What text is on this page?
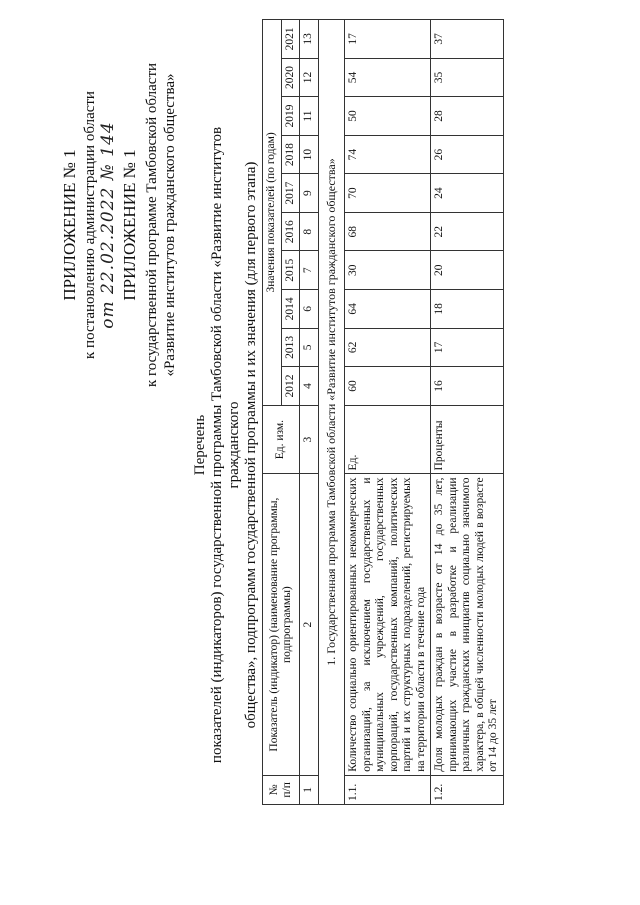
ПРИЛОЖЕНИЕ № 1 к постановлению администрации области от 22.02.2022 № 144 ПРИЛОЖЕНИЕ № 1 к государственной программе Тамбовской области «Развитие институтов гражданского общества»
Перечень показателей (индикаторов) государственной программы Тамбовской области «Развитие институтов гражданского общества», подпрограмм государственной программы и их значения (для первого этапа)
№ п/п	Показатель (индикатор) (наименование программы, подпрограммы)	Ед. изм.	Значения показателей (по годам)									
			2012	2013	2014	2015	2016	2017	2018	2019	2020	2021
1	2	3	4	5	6	7	8	9	10	11	12	13
1. Государственная программа Тамбовской области «Развитие институтов гражданского общества»												
1.1.	Количество социально ориентированных некоммерческих организаций, за исключением государственных и муниципальных учреждений, государственных корпораций, государственных компаний, политических партий и их структурных подразделений, регистрируемых на территории области в течение года	Ед.	60	62	64	30	68	70	74	50	54	17
1.2.	Доля молодых граждан в возрасте от 14 до 35 лет, принимающих участие в разработке и реализации различных гражданских инициатив социально значимого характера, в общей численности молодых людей в возрасте от 14 до 35 лет	Проценты	16	17	18	20	22	24	26	28	35	37
